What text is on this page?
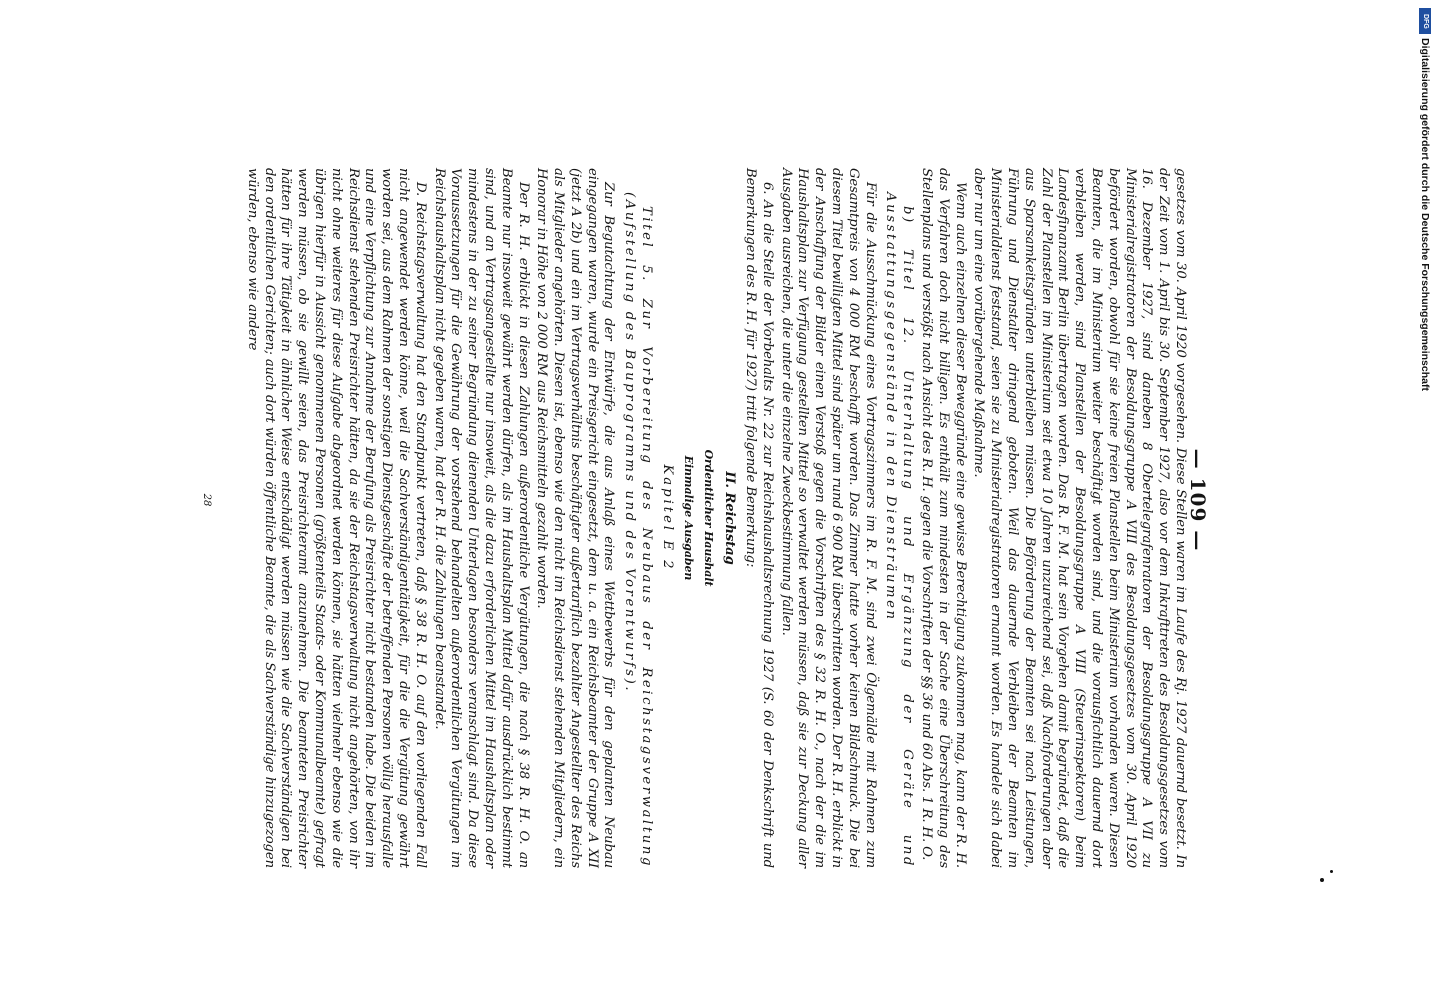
— 109 —

gesetzes vom 30. April 1920 vorgesehen. Diese Stellen waren im Laufe des Rj. 1927 dauernd besetzt. In der Zeit vom 1. April bis 30. September 1927, also vor dem Inkrafttreten des Besoldungsgesetzes vom 16. Dezember 1927, sind daneben 8 Obertelegrafenratoren der Besoldungsgruppe A VII zu Ministerialregistratoren der Besoldungsgruppe A VIII des Besoldungsgesetzes vom 30. April 1920 befördert worden, obwohl für sie keine freien Planstellen beim Ministerium vorhanden waren. Diesen Beamten, die im Ministerium weiter beschäftigt worden sind, und die vorausfichtlich dauernd dort verbleiben werden, sind Planstellen der Besoldungsgruppe A VIII (Steuerinspektoren) beim Landesfinanzamt Berlin übertragen worden. Das R. F. M. hat sein Vorgehen damit begründet, daß die Zahl der Planstellen im Ministerium seit etwa 10 Jahren unzureichend sei, daß Nachforderungen aber aus Sparsamkeitsgründen unterbleiben müssen. Die Beförderung der Beamten sei nach Leistungen, Führung und Dienstalter dringend geboten. Weil das dauernde Verbleiben der Beamten im Ministerialdienst feststand, seien sie zu Ministerialregistratoren ernannt worden. Es handele sich dabei aber nur um eine vorübergehende Maßnahme.

Wenn auch einzelnen dieser Beweggründe eine gewisse Berechtigung zukommen mag, kann der R. H. das Verfahren doch nicht billigen. Es enthält zum mindesten in der Sache eine Überschreitung des Stellenplans und verstößt nach Ansicht des R. H. gegen die Vorschriften der §§ 36 und 60 Abs. 1 R. H. O.

b) Titel 12. Unterhaltung und Ergänzung der Geräte und Ausstattungsgegenstände in den Diensträumen

Für die Ausschmückung eines Vortragszimmers im R. F. M. sind zwei Ölgemälde mit Rahmen zum Gesamtpreis von 4 000 RM beschafft worden. Das Zimmer hatte vorher keinen Bildschmuck. Die bei diesem Titel bewilligten Mittel sind später um rund 6 900 RM überschritten worden. Der R. H. erblickt in der Anschaffung der Bilder einen Verstoß gegen die Vorschriften des § 32 R. H. O., nach der die im Haushaltsplan zur Verfügung gestellten Mittel so verwaltet werden müssen, daß sie zur Deckung aller Ausgaben ausreichen, die unter die einzelne Zweckbestimmung fallen.

6. An die Stelle der Vorbehalts Nr. 22 zur Reichshaushaltsrechnung 1927 (S. 60 der Denkschrift und Bemerkungen des R. H. für 1927) tritt folgende Bemerkung:

II. Reichstag

Ordentlicher Haushalt

Einmalige Ausgaben

Kapitel E 2

Titel 5. Zur Vorbereitung des Neubaus der Reichstagsverwaltung (Aufstellung des Bauprogramms und des Vorentwurfs).

Zur Begutachtung der Entwürfe, die aus Anlaß eines Wettbewerbs für den geplanten Neubau eingegangen waren, wurde ein Preisgericht eingesetzt, dem u. a. ein Reichsbeamter der Gruppe A XII (jetzt A 2b) und ein im Vertragsverhältnis beschäftigter außertariflich bezahlter Angestellter des Reichs als Mitglieder angehörten. Diesen ist, ebenso wie den nicht im Reichsdienst stehenden Mitgliedern, ein Honorar in Höhe von 2 000 RM aus Reichsmitteln gezahlt worden.

Der R. H. erblickt in diesen Zahlungen außerordentliche Vergütungen, die nach § 38 R. H. O. an Beamte nur insoweit gewährt werden dürfen, als im Haushaltsplan Mittel dafür ausdrücklich bestimmt sind, und an Vertragsangestellte nur insoweit, als die dazu erforderlichen Mittel im Haushaltsplan oder mindestens in der zu seiner Begründung dienenden Unterlagen besonders veranschlagt sind. Da diese Voraussetzungen für die Gewährung der vorstehend behandelten außerordentlichen Vergütungen im Reichshaushaltsplan nicht gegeben waren, hat der R. H. die Zahlungen beanstandet.

D. Reichstagsverwaltung hat den Standpunkt vertreten, daß § 38 R. H. O. auf den vorliegenden Fall nicht angewendet werden könne, weil die Sachverständigentätigkeit, für die die Vergütung gewährt worden sei, aus dem Rahmen der sonstigen Dienstgeschäfte der betreffenden Personen völlig herausfalle und eine Verpflichtung zur Annahme der Berufung als Preisrichter nicht bestanden habe. Die beiden im Reichsdienst stehenden Preisrichter hätten, da sie der Reichstagsverwaltung nicht angehörten, von ihr nicht ohne weiteres für diese Aufgabe abgeordnet werden können, sie hätten vielmehr ebenso wie die übrigen hierfür in Aussicht genommenen Personen (größtenteils Staats- oder Kommunalbeamte) gefragt werden müssen, ob sie gewillt seien, das Preisrichteramt anzunehmen. Die beamteten Preisrichter hätten für ihre Tätigkeit in ähnlicher Weise entschädigt werden müssen wie die Sachverständigen bei den ordentlichen Gerichten; auch dort würden öffentliche Beamte, die als Sachverständige hinzugezogen würden, ebenso wie andere

28
DFG
Digitalisierung gefördert durch die Deutsche Forschungsgemeinschaft
